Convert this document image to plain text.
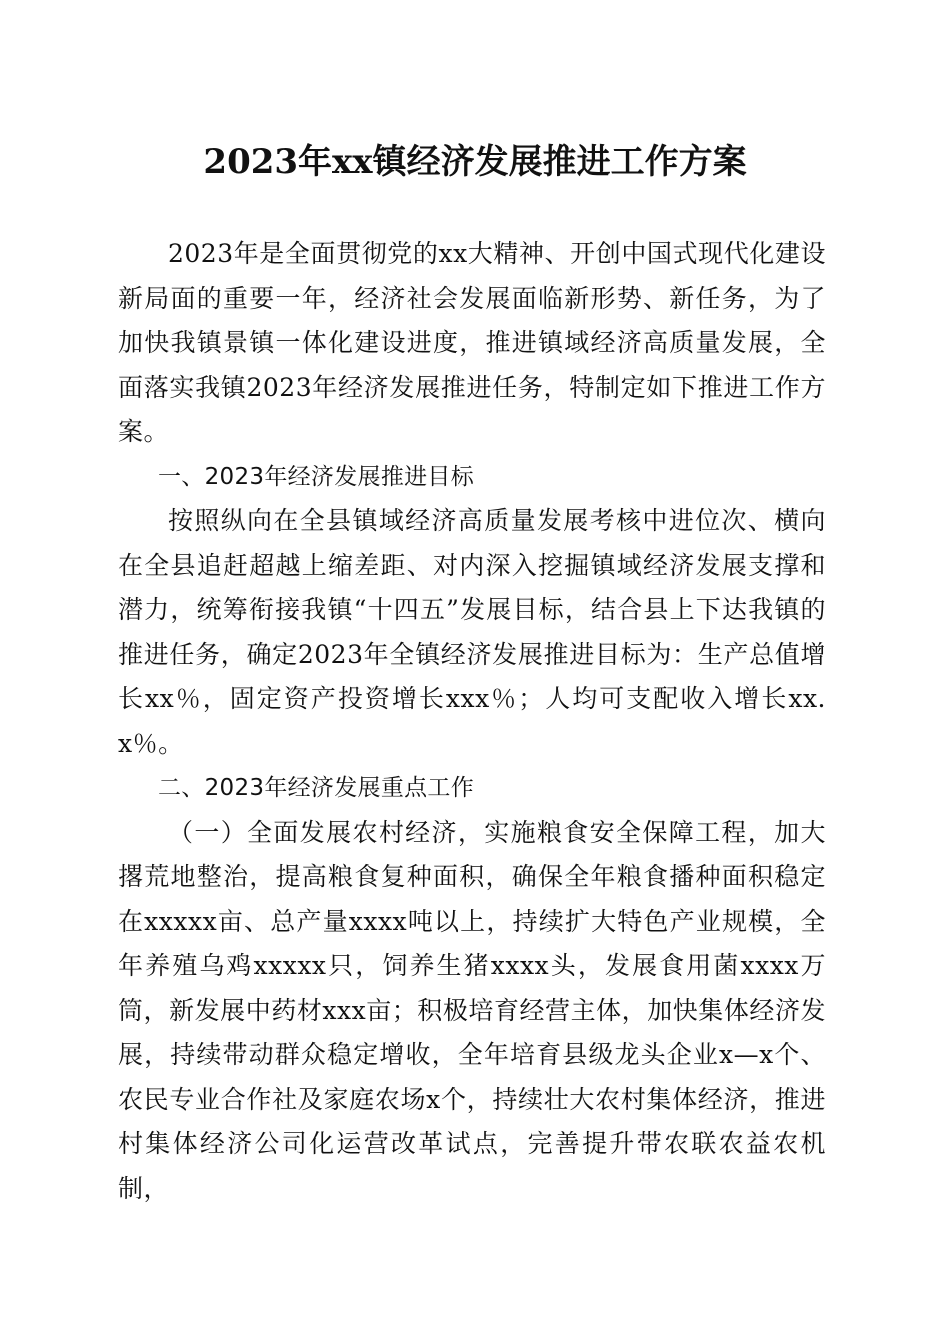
2023年xx镇经济发展推进工作方案

2023年是全面贯彻党的xx大精神、开创中国式现代化建设新局面的重要一年，经济社会发展面临新形势、新任务，为了加快我镇景镇一体化建设进度，推进镇域经济高质量发展，全面落实我镇2023年经济发展推进任务，特制定如下推进工作方案。

一、2023年经济发展推进目标

按照纵向在全县镇域经济高质量发展考核中进位次、横向在全县追赶超越上缩差距、对内深入挖掘镇域经济发展支撑和潜力，统筹衔接我镇“十四五”发展目标，结合县上下达我镇的推进任务，确定2023年全镇经济发展推进目标为：生产总值增长xx％，固定资产投资增长xxx％；人均可支配收入增长xx.x％。

二、2023年经济发展重点工作

（一）全面发展农村经济，实施粮食安全保障工程，加大撂荒地整治，提高粮食复种面积，确保全年粮食播种面积稳定在xxxxx亩、总产量xxxx吨以上，持续扩大特色产业规模，全年养殖乌鸡xxxxx只，饲养生猪xxxx头，发展食用菌xxxx万筒，新发展中药材xxx亩；积极培育经营主体，加快集体经济发展，持续带动群众稳定增收，全年培育县级龙头企业x—x个、农民专业合作社及家庭农场x个，持续壮大农村集体经济，推进村集体经济公司化运营改革试点，完善提升带农联农益农机制，
